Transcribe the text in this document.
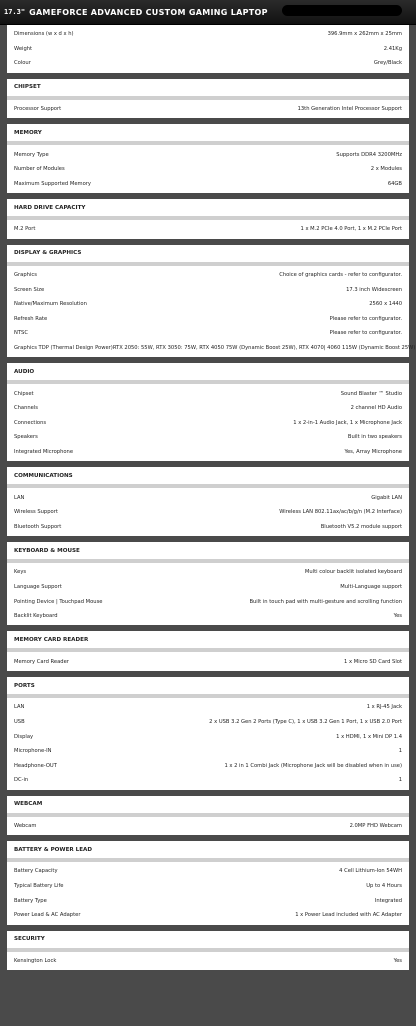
17.3" GAMEFORCE ADVANCED CUSTOM GAMING LAPTOP
Dimensions (w x d x h)	396.9mm x 262mm x 25mm
Weight	2.41Kg
Colour	Grey/Black
CHIPSET
Processor Support	13th Generation Intel Processor Support
MEMORY
Memory Type	Supports DDR4 3200MHz
Number of Modules	2 x Modules
Maximum Supported Memory	64GB
HARD DRIVE CAPACITY
M.2 Port	1 x M.2 PCIe 4.0 Port, 1 x M.2 PCIe Port
DISPLAY & GRAPHICS
Graphics	Choice of graphics cards - refer to configurator.
Screen Size	17.3 inch Widescreen
Native/Maximum Resolution	2560 x 1440
Refresh Rate	Please refer to configurator.
NTSC	Please refer to configurator.
Graphics TDP (Thermal Design Power) RTX 2050: 55W, RTX 3050: 75W, RTX 4050 75W (Dynamic Boost 25W), RTX 4070| 4060 115W (Dynamic Boost 25W)
AUDIO
Chipset	Sound Blaster ™ Studio
Channels	2 channel HD Audio
Connections	1 x 2-in-1 Audio Jack, 1 x Microphone Jack
Speakers	Built in two speakers
Integrated Microphone	Yes, Array Microphone
COMMUNICATIONS
LAN	Gigabit LAN
Wireless Support	Wireless LAN 802.11ax/ac/b/g/n (M.2 Interface)
Bluetooth Support	Bluetooth V5.2 module support
KEYBOARD & MOUSE
Keys	Multi colour backlit isolated keyboard
Language Support	Multi-Language support
Pointing Device | Touchpad Mouse	Built in touch pad with multi-gesture and scrolling function
Backlit Keyboard	Yes
MEMORY CARD READER
Memory Card Reader	1 x Micro SD Card Slot
PORTS
LAN	1 x RJ-45 Jack
USB	2 x USB 3.2 Gen 2 Ports (Type C), 1 x USB 3.2 Gen 1 Port, 1 x USB 2.0 Port
Display	1 x HDMI, 1 x Mini DP 1.4
Microphone-IN	1
Headphone-OUT	1 x 2 in 1 Combi Jack (Microphone Jack will be disabled when in use)
DC-in	1
WEBCAM
Webcam	2.0MP FHD Webcam
BATTERY & POWER LEAD
Battery Capacity	4 Cell Lithium-Ion 54WH
Typical Battery Life	Up to 4 Hours
Battery Type	Integrated
Power Lead & AC Adapter	1 x Power Lead included with AC Adapter
SECURITY
Kensington Lock	Yes
